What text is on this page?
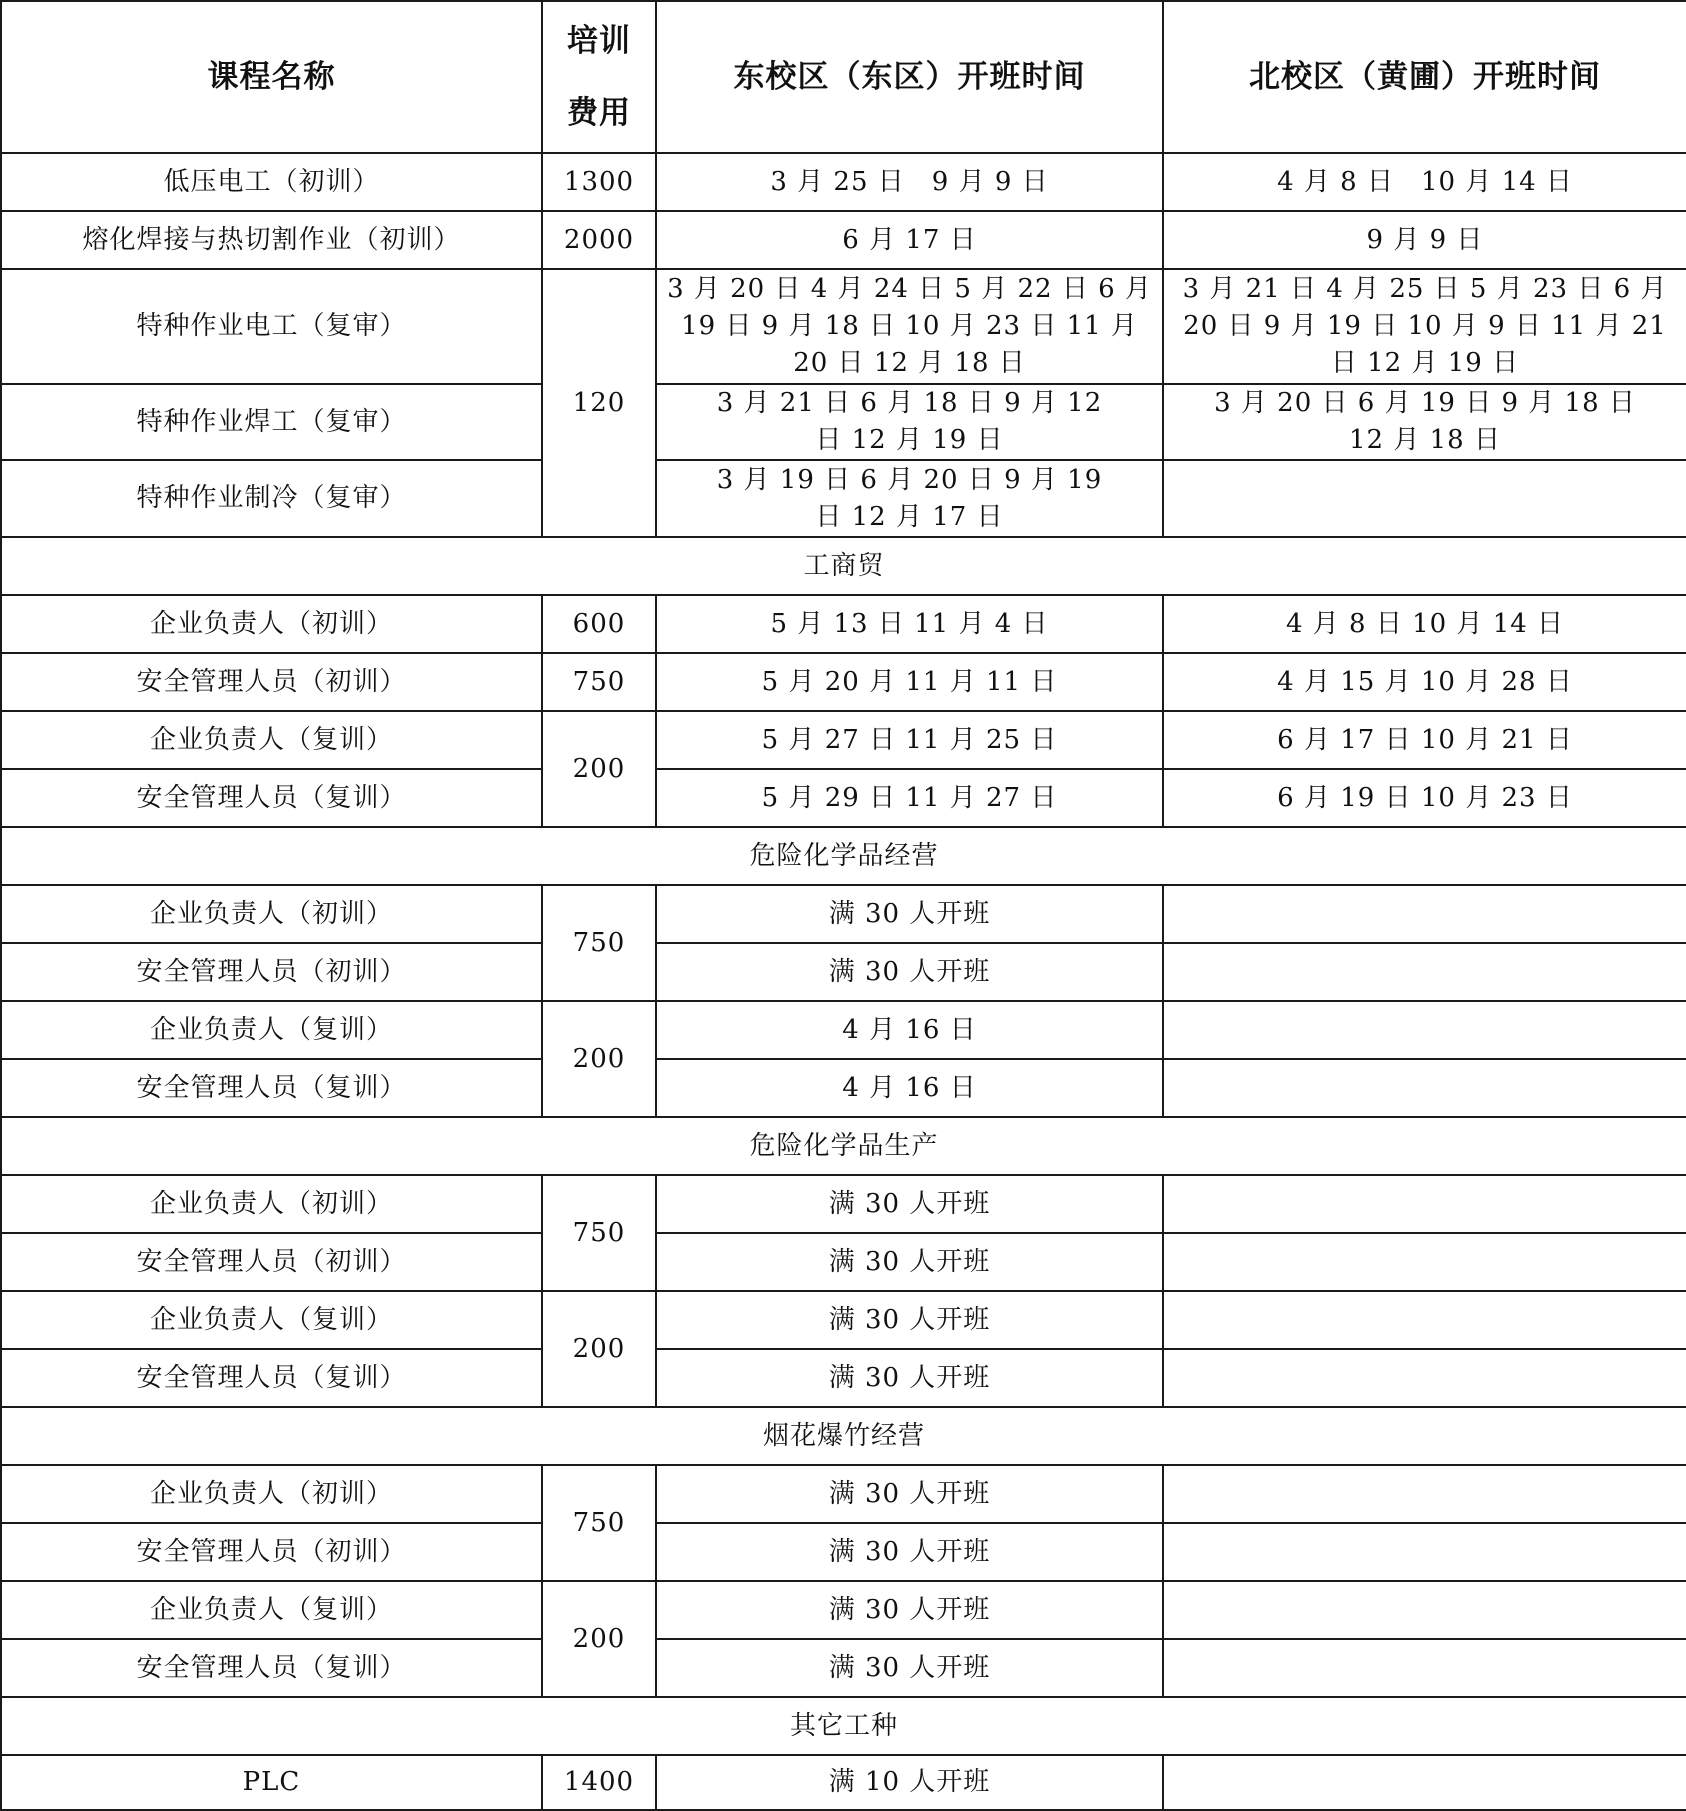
课程名称	培训费用	东校区（东区）开班时间	北校区（黄圃）开班时间
低压电工（初训）	1300	3 月 25 日　9 月 9 日	4 月 8 日　10 月 14 日
熔化焊接与热切割作业（初训）	2000	6 月 17 日	9 月 9 日
特种作业电工（复审）	120	3 月 20 日 4 月 24 日 5 月 22 日 6 月 19 日 9 月 18 日 10 月 23 日 11 月 20 日 12 月 18 日	3 月 21 日 4 月 25 日 5 月 23 日 6 月 20 日 9 月 19 日 10 月 9 日 11 月 21 日 12 月 19 日
特种作业焊工（复审）		3 月 21 日 6 月 18 日 9 月 12 日 12 月 19 日	3 月 20 日 6 月 19 日 9 月 18 日 12 月 18 日
特种作业制冷（复审）		3 月 19 日 6 月 20 日 9 月 19 日 12 月 17 日	
工商贸			
企业负责人（初训）	600	5 月 13 日 11 月 4 日	4 月 8 日 10 月 14 日
安全管理人员（初训）	750	5 月 20 月 11 月 11 日	4 月 15 月 10 月 28 日
企业负责人（复训）	200	5 月 27 日 11 月 25 日	6 月 17 日 10 月 21 日
安全管理人员（复训）		5 月 29 日 11 月 27 日	6 月 19 日 10 月 23 日
危险化学品经营			
企业负责人（初训）	750	满 30 人开班	
安全管理人员（初训）		满 30 人开班	
企业负责人（复训）	200	4 月 16 日	
安全管理人员（复训）		4 月 16 日	
危险化学品生产			
企业负责人（初训）	750	满 30 人开班	
安全管理人员（初训）		满 30 人开班	
企业负责人（复训）	200	满 30 人开班	
安全管理人员（复训）		满 30 人开班	
烟花爆竹经营			
企业负责人（初训）	750	满 30 人开班	
安全管理人员（初训）		满 30 人开班	
企业负责人（复训）	200	满 30 人开班	
安全管理人员（复训）		满 30 人开班	
其它工种			
PLC	1400	满 10 人开班	
